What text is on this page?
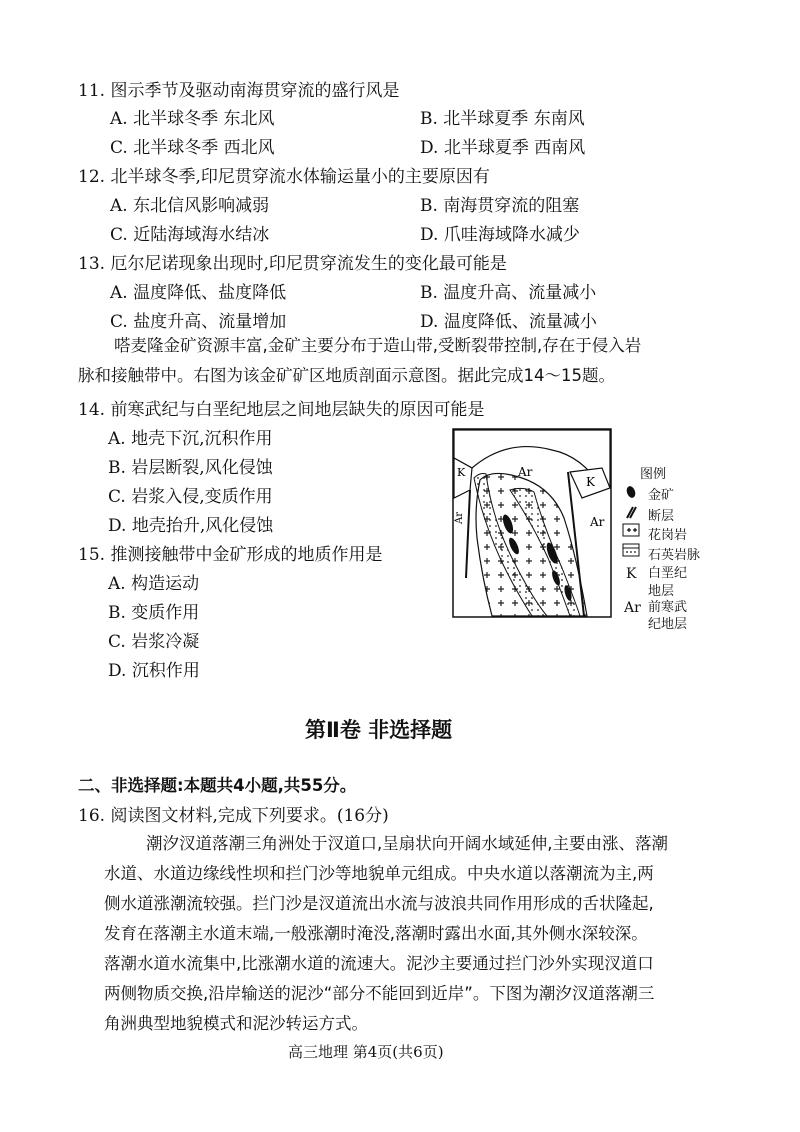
11. 图示季节及驱动南海贯穿流的盛行风是
A. 北半球冬季 东北风	B. 北半球夏季 东南风
C. 北半球冬季 西北风	D. 北半球夏季 西南风
12. 北半球冬季,印尼贯穿流水体输运量小的主要原因有
A. 东北信风影响减弱	B. 南海贯穿流的阻塞
C. 近陆海域海水结冰	D. 爪哇海域降水减少
13. 厄尔尼诺现象出现时,印尼贯穿流发生的变化最可能是
A. 温度降低、盐度降低	B. 温度升高、流量减小
C. 盐度升高、流量增加	D. 温度降低、流量减小
嗒麦隆金矿资源丰富,金矿主要分布于造山带,受断裂带控制,存在于侵入岩
脉和接触带中。右图为该金矿矿区地质剖面示意图。据此完成14～15题。
14. 前寒武纪与白垩纪地层之间地层缺失的原因可能是
A. 地壳下沉,沉积作用
B. 岩层断裂,风化侵蚀
C. 岩浆入侵,变质作用
D. 地壳抬升,风化侵蚀
15. 推测接触带中金矿形成的地质作用是
A. 构造运动
B. 变质作用
C. 岩浆冷凝
D. 沉积作用
Ar
K
K
Ar
Ar
图例
金矿
断层
花岗岩
石英岩脉
K 白垩纪
地层
Ar 前寒武
纪地层
第Ⅱ卷 非选择题
二、非选择题:本题共4小题,共55分。
16. 阅读图文材料,完成下列要求。(16分)
潮汐汊道落潮三角洲处于汊道口,呈扇状向开阔水域延伸,主要由涨、落潮
水道、水道边缘线性坝和拦门沙等地貌单元组成。中央水道以落潮流为主,两
侧水道涨潮流较强。拦门沙是汊道流出水流与波浪共同作用形成的舌状隆起,
发育在落潮主水道末端,一般涨潮时淹没,落潮时露出水面,其外侧水深较深。
落潮水道水流集中,比涨潮水道的流速大。泥沙主要通过拦门沙外实现汊道口
两侧物质交换,沿岸输送的泥沙“部分不能回到近岸”。下图为潮汐汊道落潮三
角洲典型地貌模式和泥沙转运方式。
高三地理 第4页(共6页)
